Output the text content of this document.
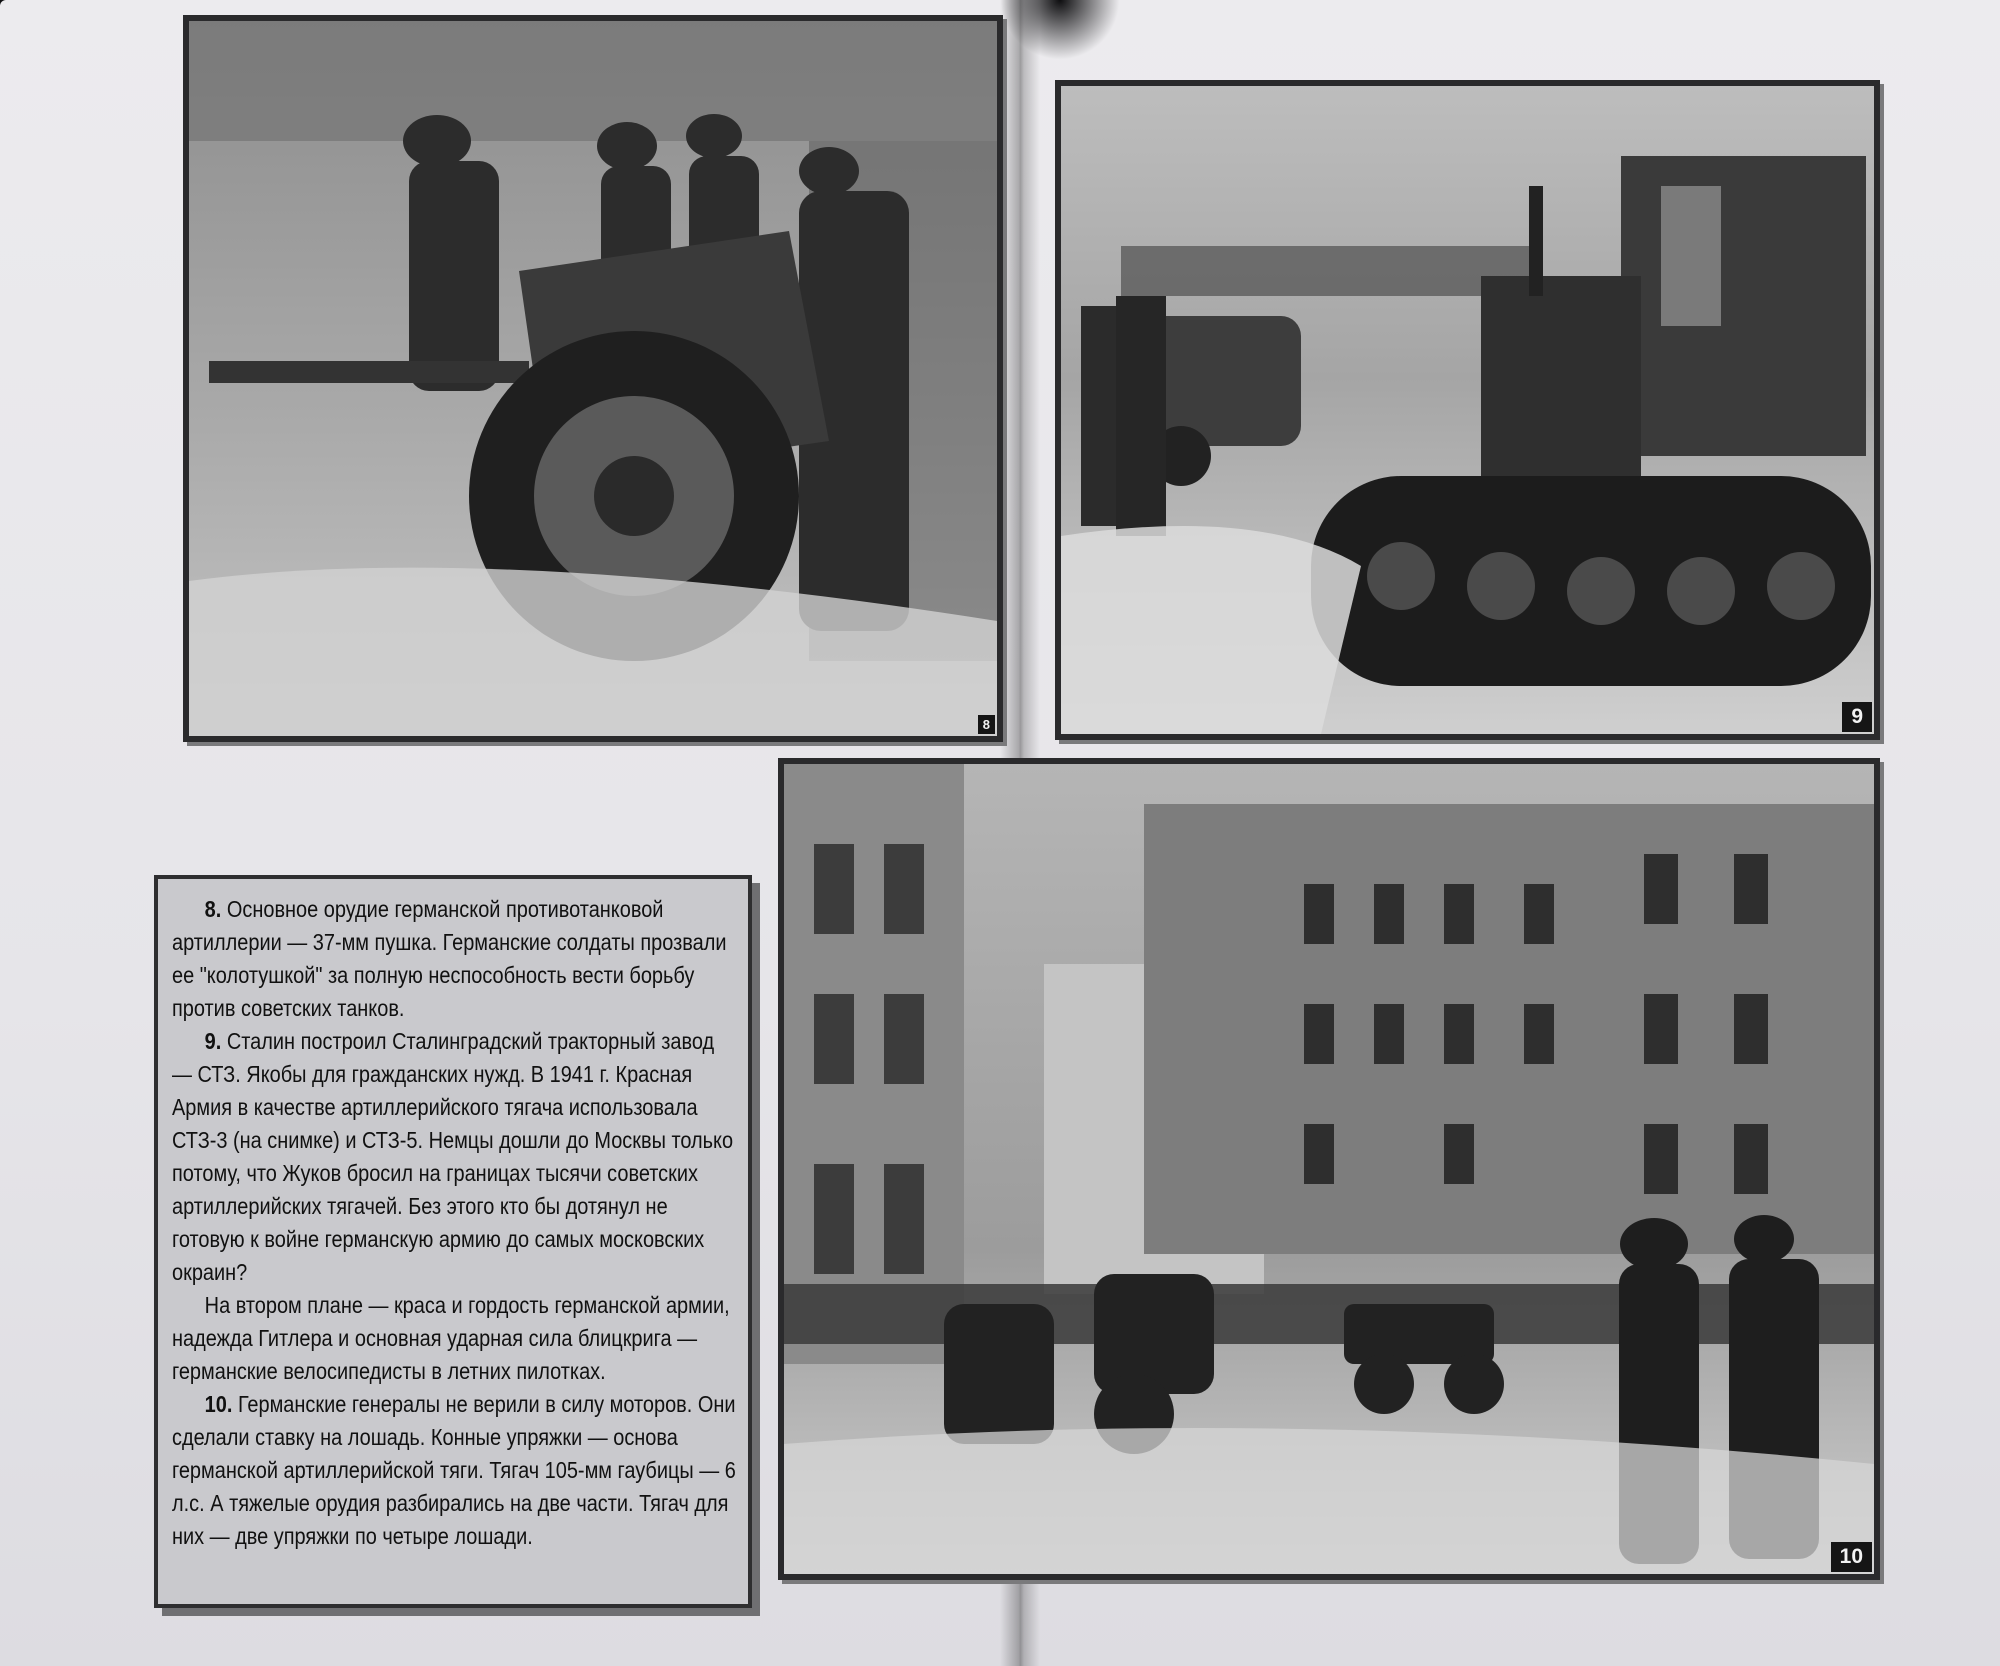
8	9
10

8. Основное орудие германской противотанковой артиллерии — 37-мм пушка. Германские солдаты прозвали ее "колотушкой" за полную неспособность вести борьбу против советских танков.

9. Сталин построил Сталинградский тракторный завод — СТЗ. Якобы для гражданских нужд. В 1941 г. Красная Армия в качестве артиллерийского тягача использовала СТЗ-3 (на снимке) и СТЗ-5. Немцы дошли до Москвы только потому, что Жуков бросил на границах тысячи советских артиллерийских тягачей. Без этого кто бы дотянул не готовую к войне германскую армию до самых московских окраин?

На втором плане — краса и гордость германской армии, надежда Гитлера и основная ударная сила блицкрига — германские велосипедисты в летних пилотках.

10. Германские генералы не верили в силу моторов. Они сделали ставку на лошадь. Конные упряжки — основа германской артиллерийской тяги. Тягач 105-мм гаубицы — 6 л.с. А тяжелые орудия разбирались на две части. Тягач для них — две упряжки по четыре лошади.
